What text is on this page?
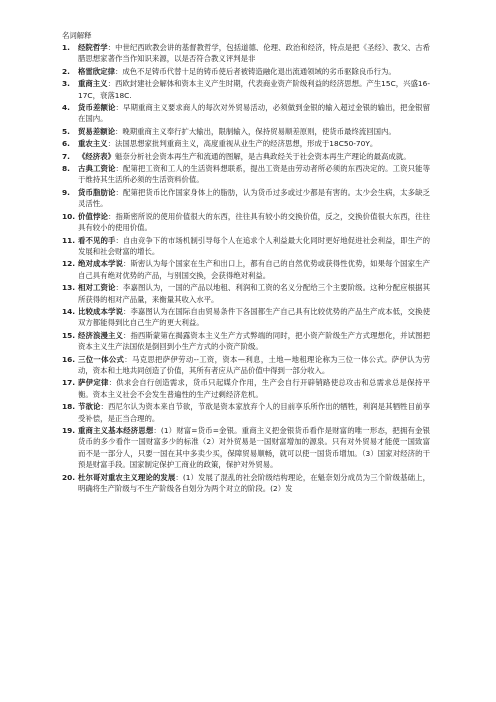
名词解释
1. 经院哲学：中世纪西欧教会讲的基督教哲学，包括道德、伦理、政治和经济，特点是把《圣经》、教父、古希腊思想家著作当作知识来源，以是否符合教义评判是非
2. 格雷欣定律：成色不足铸币代替十足的铸币使后者被铸造融化退出流通领域的劣币驱除良币行为。
3. 重商主义：西欧封建社会解体和资本主义产生时期，代表商业资产阶级利益的经济思想。产生15C，兴盛16-17C，衰落18C.
4. 货币差额论：早期重商主义要求商人的每次对外贸易活动，必须做到金银的输入超过金银的输出，把金银留在国内。
5. 贸易差额论：晚期重商主义奉行扩大输出，限制输入，保持贸易顺差原则，使货币最终流回国内。
6. 重农主义：法国思想家批判重商主义，高度重视从业生产的经济思想，形成于18C50-70Y。
7. 《经济表》魁奈分析社会资本再生产和流通的图解，是古典政经关于社会资本再生产理论的最高成就。
8. 古典工资论：配第把工资和工人的生活资料想联系，提出工资是由劳动者所必须的东西决定的。工资只能等于维持其生活所必须的生活资料价值。
9. 货币脂肪论：配第把货币比作国家身体上的脂肪，认为货币过多或过少都是有害的。太少会生病，太多缺乏灵活性。
10. 价值悖论：指斯密所说的使用价值很大的东西，往往具有较小的交换价值，反之，交换价值很大东西，往往具有较小的使用价值。
11. 看不见的手：自由竞争下的市场机制引导每个人在追求个人利益最大化同时更好地促进社会利益，即生产的发展和社会财富的增长。
12. 绝对成本学说：斯密认为每个国家在生产和出口上，都有自己的自然优势或获得性优势，如果每个国家生产自己具有绝对优势的产品，与别国交换，会获得绝对利益。
13. 相对工资论：李嘉图认为，一国的产品以地租、利润和工资的名义分配给三个主要阶级。这种分配应根据其所获得的相对产品量，来衡量其收入水平。
14. 比较成本学说：李嘉图认为在国际自由贸易条件下各国都生产自己具有比较优势的产品生产成本低，交换使双方都能得到比自己生产的更大利益。
15. 经济浪漫主义：指西斯蒙第在揭露资本主义生产方式弊端的同时，把小资产阶级生产方式理想化，并试图把资本主义生产法国依是倒回到小生产方式的小资产阶级。
16. 三位一体公式：马克思把萨伊劳动--工资，资本—利息，土地—地租理论称为三位一体公式。萨伊认为劳动，资本和土地共同创造了价值，其所有者应从产品价值中得到一部分收入。
17. 萨伊定律：供求会自行创造需求，货币只起媒介作用，生产会自行开辟销路使总攻击和总需求总是保持平衡。资本主义社会不会发生普遍性的生产过剩经济危机。
18. 节欲论：西尼尔认为资本来自节欲，节欲是资本家放弃个人的目前享乐所作出的牺牲，利润是其牺牲目前享受补偿，是正当合理的。
19. 重商主义基本经济思想：(1）财富=货币=金银。重商主义把金银货币看作是财富的唯一形态，把拥有金银货币的多少看作一国财富多少的标准（2）对外贸易是一国财富增加的源泉。只有对外贸易才能使一国致富而不是一部分人，只要一国在其中多卖少买，保障贸易顺畅，就可以使一国货币增加。（3）国家对经济的干预是财富手段。国家制定保护工商业的政策，保护对外贸易。
20. 杜尔哥对重农主义理论的发展：(1）发展了混乱的社会阶级结构理论，在魁奈划分成员为三个阶级基础上，明确将生产阶级与不生产阶级各自划分为两个对立的阶段。(2）发
